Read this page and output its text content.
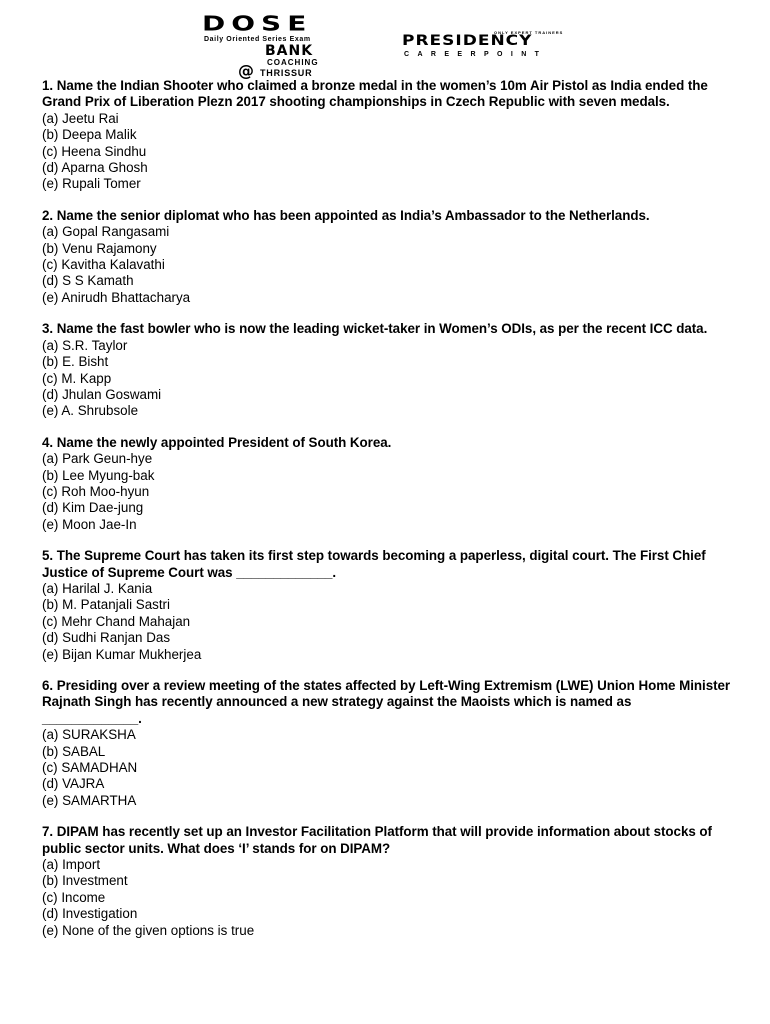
DOSE
Daily Oriented Series Exam
BANK
COACHING
@ THRISSUR
ONLY EXPERT TRAINERS
PRESIDENCY
CAREERPOINT

1. Name the Indian Shooter who claimed a bronze medal in the women’s 10m Air Pistol as India ended the Grand Prix of Liberation Plezn 2017 shooting championships in Czech Republic with seven medals.

(a) Jeetu Rai

(b) Deepa Malik

(c) Heena Sindhu

(d) Aparna Ghosh

(e) Rupali Tomer

2. Name the senior diplomat who has been appointed as India’s Ambassador to the Netherlands.

(a) Gopal Rangasami

(b) Venu Rajamony

(c) Kavitha Kalavathi

(d) S S Kamath

(e) Anirudh Bhattacharya

3. Name the fast bowler who is now the leading wicket-taker in Women’s ODIs, as per the recent ICC data.

(a) S.R. Taylor

(b) E. Bisht

(c) M. Kapp

(d) Jhulan Goswami

(e) A. Shrubsole

4. Name the newly appointed President of South Korea.

(a) Park Geun-hye

(b) Lee Myung-bak

(c) Roh Moo-hyun

(d) Kim Dae-jung

(e) Moon Jae-In

5. The Supreme Court has taken its first step towards becoming a paperless, digital court. The First Chief Justice of Supreme Court was _____________.

(a) Harilal J. Kania

(b) M. Patanjali Sastri

(c) Mehr Chand Mahajan

(d) Sudhi Ranjan Das

(e) Bijan Kumar Mukherjea

6. Presiding over a review meeting of the states affected by Left-Wing Extremism (LWE) Union Home Minister Rajnath Singh has recently announced a new strategy against the Maoists which is named as _____________.

(a) SURAKSHA

(b) SABAL

(c) SAMADHAN

(d) VAJRA

(e) SAMARTHA

7. DIPAM has recently set up an Investor Facilitation Platform that will provide information about stocks of public sector units. What does ‘I’ stands for on DIPAM?

(a) Import

(b) Investment

(c) Income

(d) Investigation

(e) None of the given options is true
